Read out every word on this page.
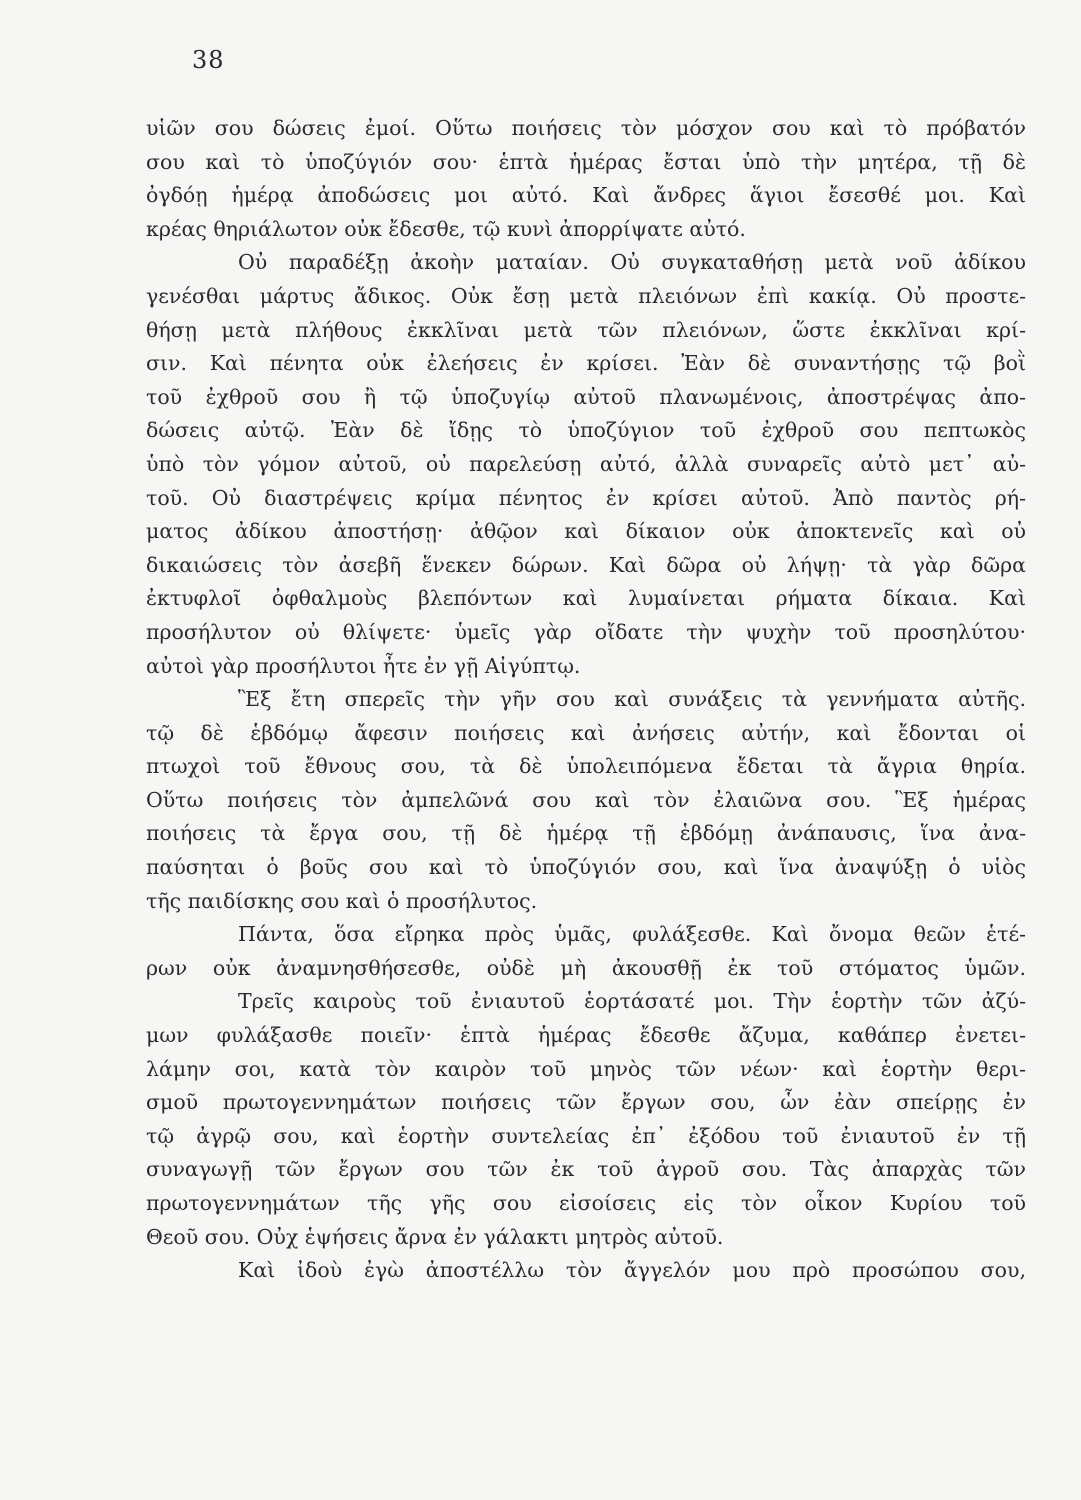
38
υἱῶν σου δώσεις ἐμοί. Οὕτω ποιήσεις τὸν μόσχον σου καὶ τὸ πρόβατόν
σου καὶ τὸ ὑποζύγιόν σου· ἑπτὰ ἡμέρας ἔσται ὑπὸ τὴν μητέρα, τῇ δὲ
ὀγδόῃ ἡμέρᾳ ἀποδώσεις μοι αὐτό. Καὶ ἄνδρες ἅγιοι ἔσεσθέ μοι. Καὶ
κρέας θηριάλωτον οὐκ ἔδεσθε, τῷ κυνὶ ἀπορρίψατε αὐτό.
Οὐ παραδέξῃ ἀκοὴν ματαίαν. Οὐ συγκαταθήσῃ μετὰ νοῦ ἀδίκου
γενέσθαι μάρτυς ἄδικος. Οὐκ ἔσῃ μετὰ πλειόνων ἐπὶ κακίᾳ. Οὐ προστε-
θήσῃ μετὰ πλήθους ἐκκλῖναι μετὰ τῶν πλειόνων, ὥστε ἐκκλῖναι κρί-
σιν. Καὶ πένητα οὐκ ἐλεήσεις ἐν κρίσει. Ἐὰν δὲ συναντήσῃς τῷ βοῒ
τοῦ ἐχθροῦ σου ἢ τῷ ὑποζυγίῳ αὐτοῦ πλανωμένοις, ἀποστρέψας ἀπο-
δώσεις αὐτῷ. Ἐὰν δὲ ἴδῃς τὸ ὑποζύγιον τοῦ ἐχθροῦ σου πεπτωκὸς
ὑπὸ τὸν γόμον αὐτοῦ, οὐ παρελεύσῃ αὐτό, ἀλλὰ συναρεῖς αὐτὸ μετ᾿ αὐ-
τοῦ. Οὐ διαστρέψεις κρίμα πένητος ἐν κρίσει αὐτοῦ. Ἀπὸ παντὸς ρή-
ματος ἀδίκου ἀποστήσῃ· ἀθῷον καὶ δίκαιον οὐκ ἀποκτενεῖς καὶ οὐ
δικαιώσεις τὸν ἀσεβῆ ἕνεκεν δώρων. Καὶ δῶρα οὐ λήψῃ· τὰ γὰρ δῶρα
ἐκτυφλοῖ ὀφθαλμοὺς βλεπόντων καὶ λυμαίνεται ρήματα δίκαια. Καὶ
προσήλυτον οὐ θλίψετε· ὑμεῖς γὰρ οἴδατε τὴν ψυχὴν τοῦ προσηλύτου·
αὐτοὶ γὰρ προσήλυτοι ἦτε ἐν γῇ Αἰγύπτῳ.
Ἓξ ἔτη σπερεῖς τὴν γῆν σου καὶ συνάξεις τὰ γεννήματα αὐτῆς.
τῷ δὲ ἑβδόμῳ ἄφεσιν ποιήσεις καὶ ἀνήσεις αὐτήν, καὶ ἔδονται οἱ
πτωχοὶ τοῦ ἔθνους σου, τὰ δὲ ὑπολειπόμενα ἔδεται τὰ ἄγρια θηρία.
Οὕτω ποιήσεις τὸν ἀμπελῶνά σου καὶ τὸν ἐλαιῶνα σου. Ἓξ ἡμέρας
ποιήσεις τὰ ἔργα σου, τῇ δὲ ἡμέρᾳ τῇ ἑβδόμῃ ἀνάπαυσις, ἵνα ἀνα-
παύσηται ὁ βοῦς σου καὶ τὸ ὑποζύγιόν σου, καὶ ἵνα ἀναψύξῃ ὁ υἱὸς
τῆς παιδίσκης σου καὶ ὁ προσήλυτος.
Πάντα, ὅσα εἴρηκα πρὸς ὑμᾶς, φυλάξεσθε. Καὶ ὄνομα θεῶν ἑτέ-
ρων οὐκ ἀναμνησθήσεσθε, οὐδὲ μὴ ἀκουσθῇ ἐκ τοῦ στόματος ὑμῶν.
Τρεῖς καιροὺς τοῦ ἐνιαυτοῦ ἑορτάσατέ μοι. Τὴν ἑορτὴν τῶν ἀζύ-
μων φυλάξασθε ποιεῖν· ἑπτὰ ἡμέρας ἔδεσθε ἄζυμα, καθάπερ ἐνετει-
λάμην σοι, κατὰ τὸν καιρὸν τοῦ μηνὸς τῶν νέων· καὶ ἑορτὴν θερι-
σμοῦ πρωτογεννημάτων ποιήσεις τῶν ἔργων σου, ὧν ἐὰν σπείρῃς ἐν
τῷ ἀγρῷ σου, καὶ ἑορτὴν συντελείας ἐπ᾿ ἐξόδου τοῦ ἐνιαυτοῦ ἐν τῇ
συναγωγῇ τῶν ἔργων σου τῶν ἐκ τοῦ ἀγροῦ σου. Τὰς ἀπαρχὰς τῶν
πρωτογεννημάτων τῆς γῆς σου εἰσοίσεις εἰς τὸν οἶκον Κυρίου τοῦ
Θεοῦ σου. Οὐχ ἑψήσεις ἄρνα ἐν γάλακτι μητρὸς αὐτοῦ.
Καὶ ἰδοὺ ἐγὼ ἀποστέλλω τὸν ἄγγελόν μου πρὸ προσώπου σου,
